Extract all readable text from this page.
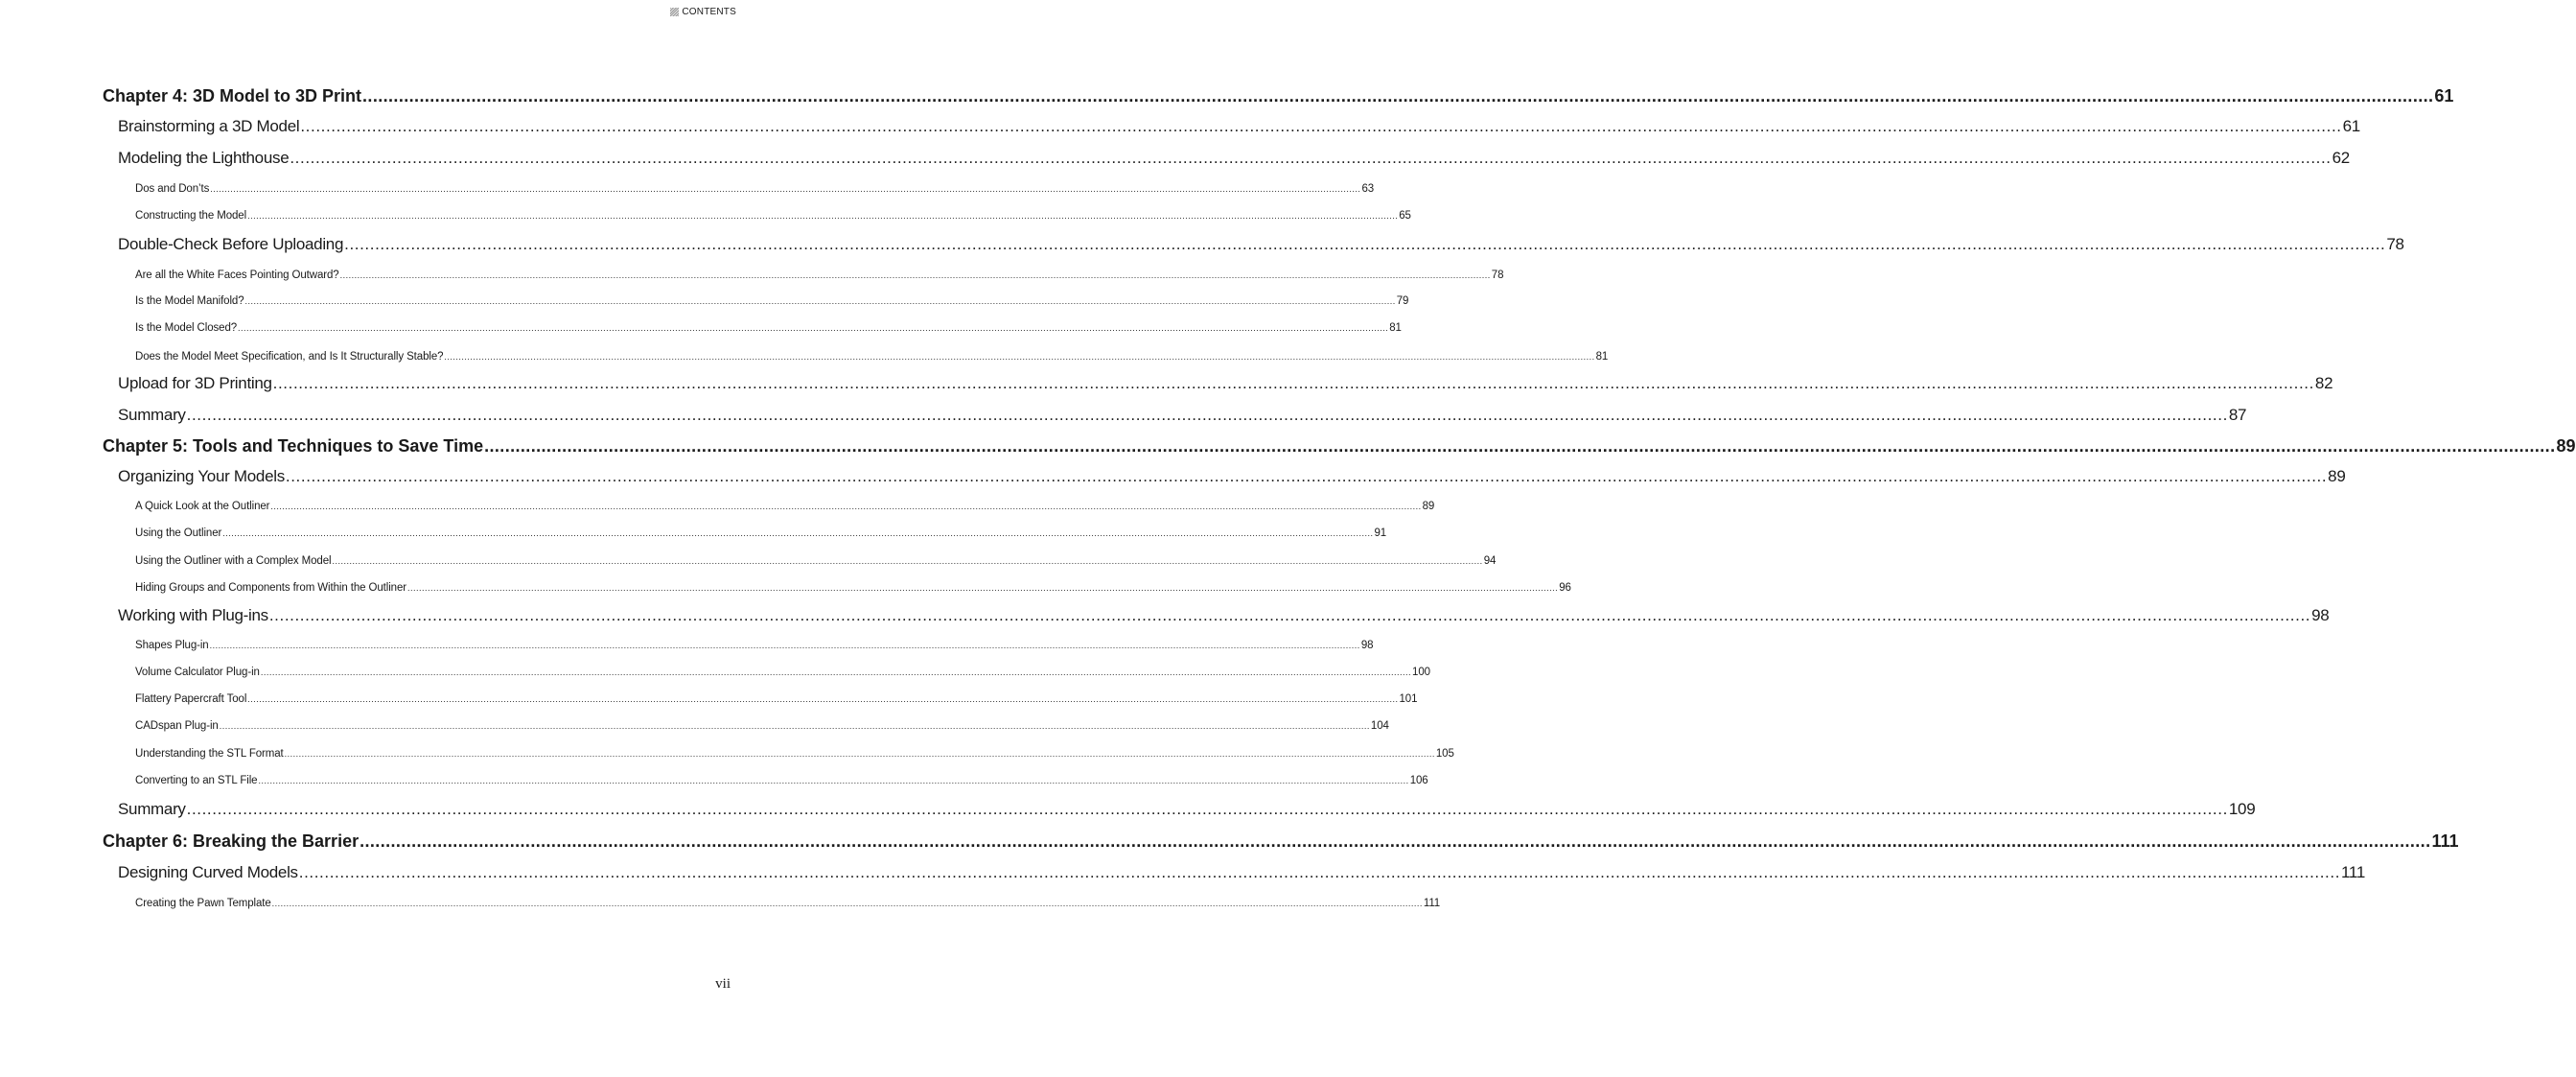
CONTENTS
Chapter 4: 3D Model to 3D Print ................................................................................................................................................................................................................................................................................................................................................................................................................ 61
Brainstorming a 3D Model ................................................................................................................................................................................................................................................................................................................................................................................................................ 61
Modeling the Lighthouse ................................................................................................................................................................................................................................................................................................................................................................................................................ 62
Dos and Don’ts ................................................................................................................................................................................................................................................................................................................................................................................................................ 63
Constructing the Model ................................................................................................................................................................................................................................................................................................................................................................................................................ 65
Double-Check Before Uploading ................................................................................................................................................................................................................................................................................................................................................................................................................ 78
Are all the White Faces Pointing Outward? ................................................................................................................................................................................................................................................................................................................................................................................................................ 78
Is the Model Manifold? ................................................................................................................................................................................................................................................................................................................................................................................................................ 79
Is the Model Closed? ................................................................................................................................................................................................................................................................................................................................................................................................................ 81
Does the Model Meet Specification, and Is It Structurally Stable? ................................................................................................................................................................................................................................................................................................................................................................................................................ 81
Upload for 3D Printing ................................................................................................................................................................................................................................................................................................................................................................................................................ 82
Summary ................................................................................................................................................................................................................................................................................................................................................................................................................ 87
Chapter 5: Tools and Techniques to Save Time ................................................................................................................................................................................................................................................................................................................................................................................................................ 89
Organizing Your Models ................................................................................................................................................................................................................................................................................................................................................................................................................ 89
A Quick Look at the Outliner ................................................................................................................................................................................................................................................................................................................................................................................................................ 89
Using the Outliner ................................................................................................................................................................................................................................................................................................................................................................................................................ 91
Using the Outliner with a Complex Model ................................................................................................................................................................................................................................................................................................................................................................................................................ 94
Hiding Groups and Components from Within the Outliner ................................................................................................................................................................................................................................................................................................................................................................................................................ 96
Working with Plug-ins ................................................................................................................................................................................................................................................................................................................................................................................................................ 98
Shapes Plug-in ................................................................................................................................................................................................................................................................................................................................................................................................................ 98
Volume Calculator Plug-in ................................................................................................................................................................................................................................................................................................................................................................................................................ 100
Flattery Papercraft Tool ................................................................................................................................................................................................................................................................................................................................................................................................................ 101
CADspan Plug-in ................................................................................................................................................................................................................................................................................................................................................................................................................ 104
Understanding the STL Format ................................................................................................................................................................................................................................................................................................................................................................................................................ 105
Converting to an STL File ................................................................................................................................................................................................................................................................................................................................................................................................................ 106
Summary ................................................................................................................................................................................................................................................................................................................................................................................................................ 109
Chapter 6: Breaking the Barrier ................................................................................................................................................................................................................................................................................................................................................................................................................ 111
Designing Curved Models ................................................................................................................................................................................................................................................................................................................................................................................................................ 111
Creating the Pawn Template ................................................................................................................................................................................................................................................................................................................................................................................................................ 111
vii
